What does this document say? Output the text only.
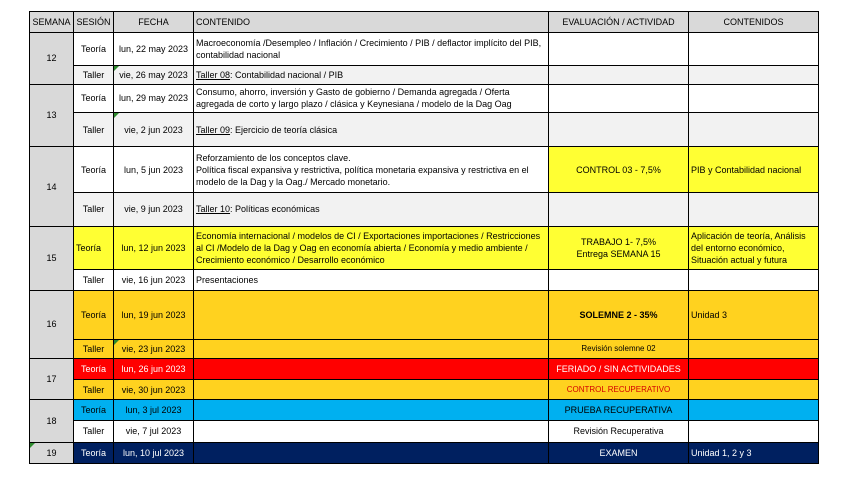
SEMANA	SESIÓN	FECHA	CONTENIDO	EVALUACIÓN / ACTIVIDAD	CONTENIDOS
12	Teoría	lun, 22 may 2023	Macroeconomía /Desempleo / Inflación / Crecimiento / PIB / deflactor implícito del PIB, contabilidad nacional		
	Taller	vie, 26 may 2023	Taller 08: Contabilidad nacional / PIB		
13	Teoría	lun, 29 may 2023	Consumo, ahorro, inversión y Gasto de gobierno / Demanda agregada / Oferta agregada de corto y largo plazo / clásica y Keynesiana / modelo de la Dag Oag		
	Taller	vie, 2 jun 2023	Taller 09: Ejercicio de teoría clásica		
14	Teoría	lun, 5 jun 2023	Reforzamiento de los conceptos clave.
Política fiscal expansiva y restrictiva, política monetaria expansiva y restrictiva en el modelo de la Dag y la Oag./ Mercado monetario.	CONTROL 03 - 7,5%	PIB y Contabilidad nacional
	Taller	vie, 9 jun 2023	Taller 10: Políticas económicas		
15	Teoría	lun, 12 jun 2023	Economía internacional / modelos de CI / Exportaciones importaciones / Restricciones al CI /Modelo de la Dag y Oag en economía abierta / Economía y medio ambiente / Crecimiento económico / Desarrollo económico	TRABAJO 1- 7,5%
Entrega SEMANA 15	Aplicación de teoría, Análisis del entorno económico, Situación actual y futura
	Taller	vie, 16 jun 2023	Presentaciones		
16	Teoría	lun, 19 jun 2023		SOLEMNE 2 - 35%	Unidad 3
	Taller	vie, 23 jun 2023		Revisión solemne 02	
17	Teoría	lun, 26 jun 2023		FERIADO / SIN ACTIVIDADES	
	Taller	vie, 30 jun 2023		CONTROL RECUPERATIVO	
18	Teoría	lun, 3 jul 2023		PRUEBA RECUPERATIVA	
	Taller	vie, 7 jul 2023		Revisión Recuperativa	
19	Teoría	lun, 10 jul 2023		EXAMEN	Unidad 1, 2 y 3
